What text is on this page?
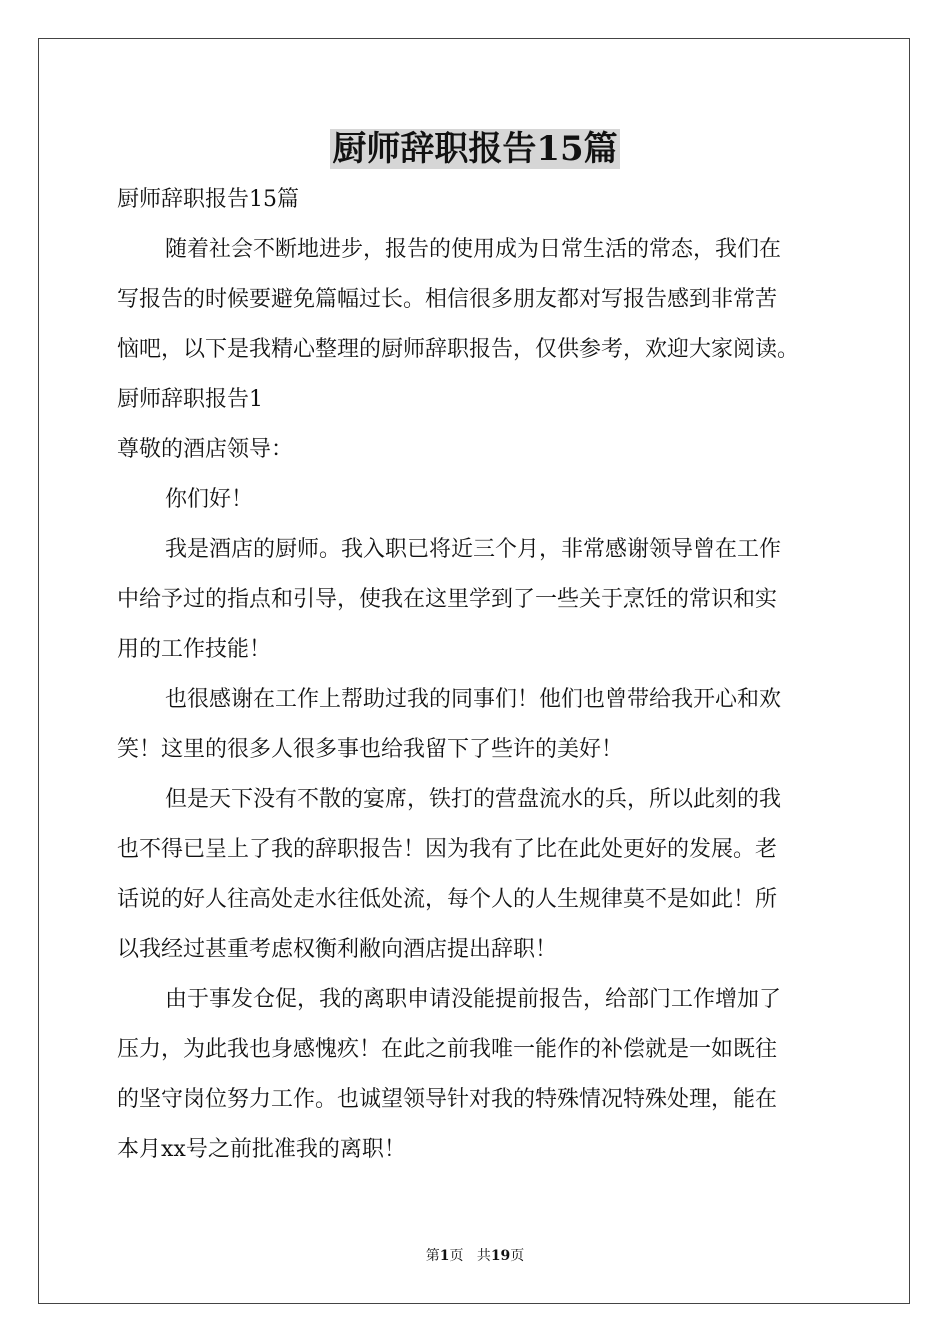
厨师辞职报告15篇
厨师辞职报告15篇
随着社会不断地进步，报告的使用成为日常生活的常态，我们在
写报告的时候要避免篇幅过长。相信很多朋友都对写报告感到非常苦
恼吧，以下是我精心整理的厨师辞职报告，仅供参考，欢迎大家阅读。
厨师辞职报告1
尊敬的酒店领导：
你们好！
我是酒店的厨师。我入职已将近三个月，非常感谢领导曾在工作
中给予过的指点和引导，使我在这里学到了一些关于烹饪的常识和实
用的工作技能！
也很感谢在工作上帮助过我的同事们！他们也曾带给我开心和欢
笑！这里的很多人很多事也给我留下了些许的美好！
但是天下没有不散的宴席，铁打的营盘流水的兵，所以此刻的我
也不得已呈上了我的辞职报告！因为我有了比在此处更好的发展。老
话说的好人往高处走水往低处流，每个人的人生规律莫不是如此！所
以我经过甚重考虑权衡利敝向酒店提出辞职！
由于事发仓促，我的离职申请没能提前报告，给部门工作增加了
压力，为此我也身感愧疚！在此之前我唯一能作的补偿就是一如既往
的坚守岗位努力工作。也诚望领导针对我的特殊情况特殊处理，能在
本月xx号之前批准我的离职！
第1页 共19页
